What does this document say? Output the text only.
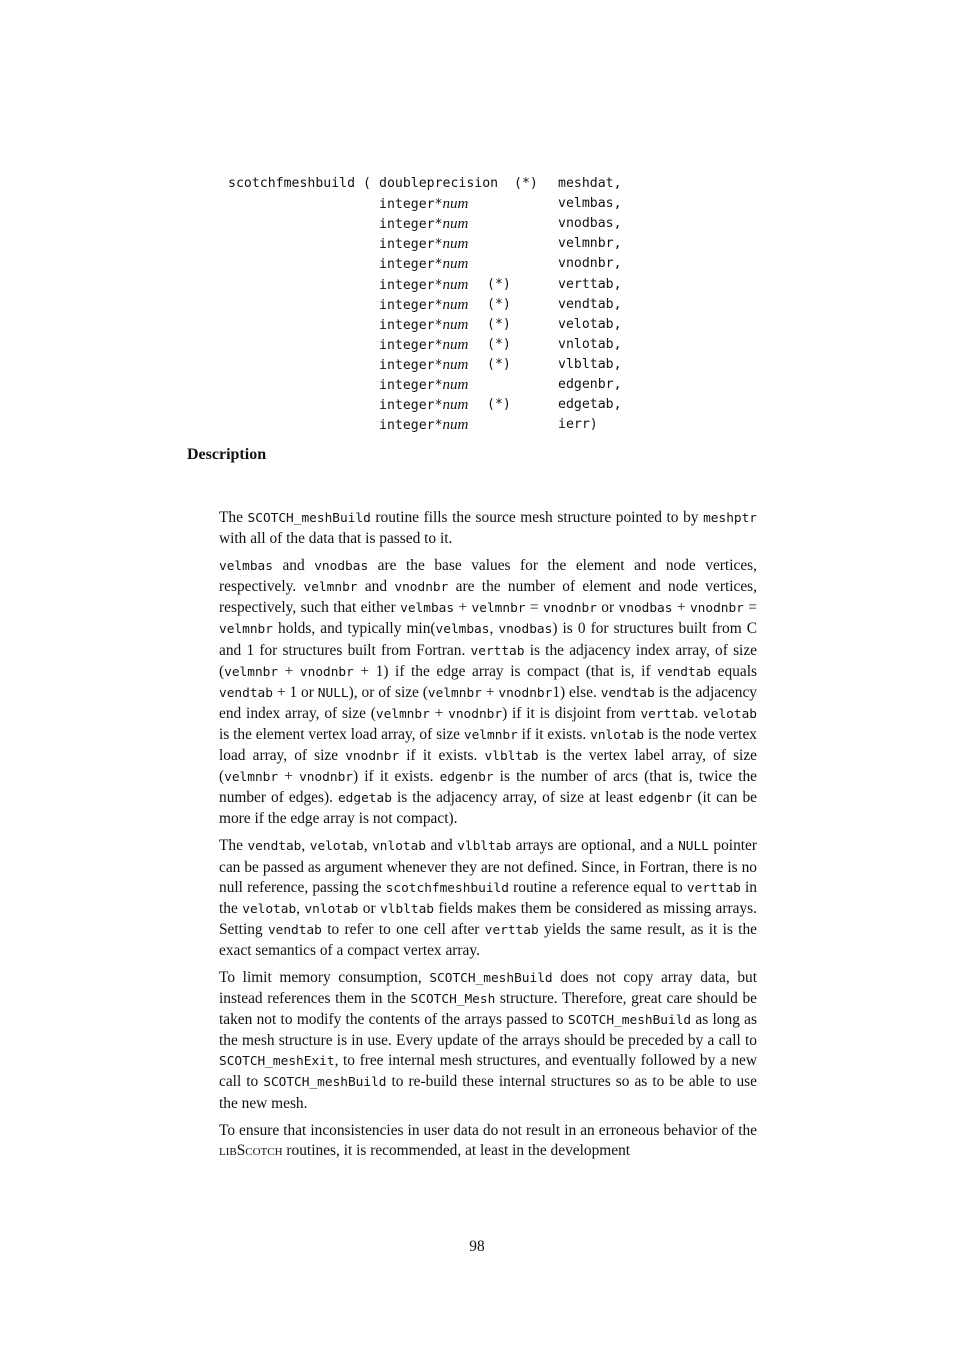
scotchfmeshbuild ( doubleprecision (*) meshdat,
integer*num	velmbas,
integer*num	vnodbas,
integer*num	velmnbr,
integer*num	vnodnbr,
integer*num (*)	verttab,
integer*num (*)	vendtab,
integer*num (*)	velotab,
integer*num (*)	vnlotab,
integer*num (*)	vlbltab,
integer*num	edgenbr,
integer*num (*)	edgetab,
integer*num	ierr)
Description

The SCOTCH_meshBuild routine fills the source mesh structure pointed to by meshptr with all of the data that is passed to it.

velmbas and vnodbas are the base values for the element and node vertices, respectively. velmnbr and vnodnbr are the number of element and node vertices, respectively, such that either velmbas + velmnbr = vnodnbr or vnodbas + vnodnbr = velmnbr holds, and typically min(velmbas, vnodbas) is 0 for structures built from C and 1 for structures built from Fortran. verttab is the adjacency index array, of size (velmnbr + vnodnbr + 1) if the edge array is compact (that is, if vendtab equals vendtab + 1 or NULL), or of size (velmnbr + vnodnbr1) else. vendtab is the adjacency end index array, of size (velmnbr + vnodnbr) if it is disjoint from verttab. velotab is the element vertex load array, of size velmnbr if it exists. vnlotab is the node vertex load array, of size vnodnbr if it exists. vlbltab is the vertex label array, of size (velmnbr + vnodnbr) if it exists. edgenbr is the number of arcs (that is, twice the number of edges). edgetab is the adjacency array, of size at least edgenbr (it can be more if the edge array is not compact).

The vendtab, velotab, vnlotab and vlbltab arrays are optional, and a NULL pointer can be passed as argument whenever they are not defined. Since, in Fortran, there is no null reference, passing the scotchfmeshbuild routine a reference equal to verttab in the velotab, vnlotab or vlbltab fields makes them be considered as missing arrays. Setting vendtab to refer to one cell after verttab yields the same result, as it is the exact semantics of a compact vertex array.

To limit memory consumption, SCOTCH_meshBuild does not copy array data, but instead references them in the SCOTCH_Mesh structure. Therefore, great care should be taken not to modify the contents of the arrays passed to SCOTCH_meshBuild as long as the mesh structure is in use. Every update of the arrays should be preceded by a call to SCOTCH_meshExit, to free internal mesh structures, and eventually followed by a new call to SCOTCH_meshBuild to re-build these internal structures so as to be able to use the new mesh.

To ensure that inconsistencies in user data do not result in an erroneous behavior of the libScotch routines, it is recommended, at least in the development

98
